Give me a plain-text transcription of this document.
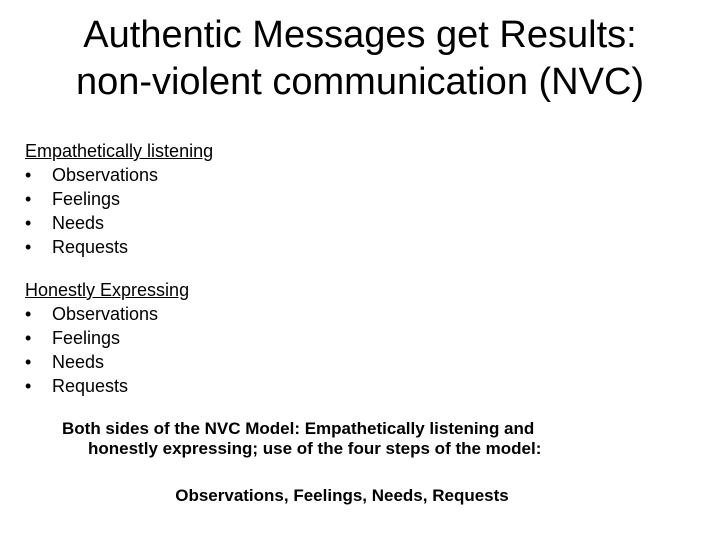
Authentic Messages get Results:
non-violent communication (NVC)
Empathetically listening
•	Observations
•	Feelings
•	Needs
•	Requests
Honestly Expressing
•	Observations
•	Feelings
•	Needs
•	Requests
Both sides of the NVC Model: Empathetically listening and
honestly expressing; use of the four steps of the model:
Observations, Feelings, Needs, Requests
